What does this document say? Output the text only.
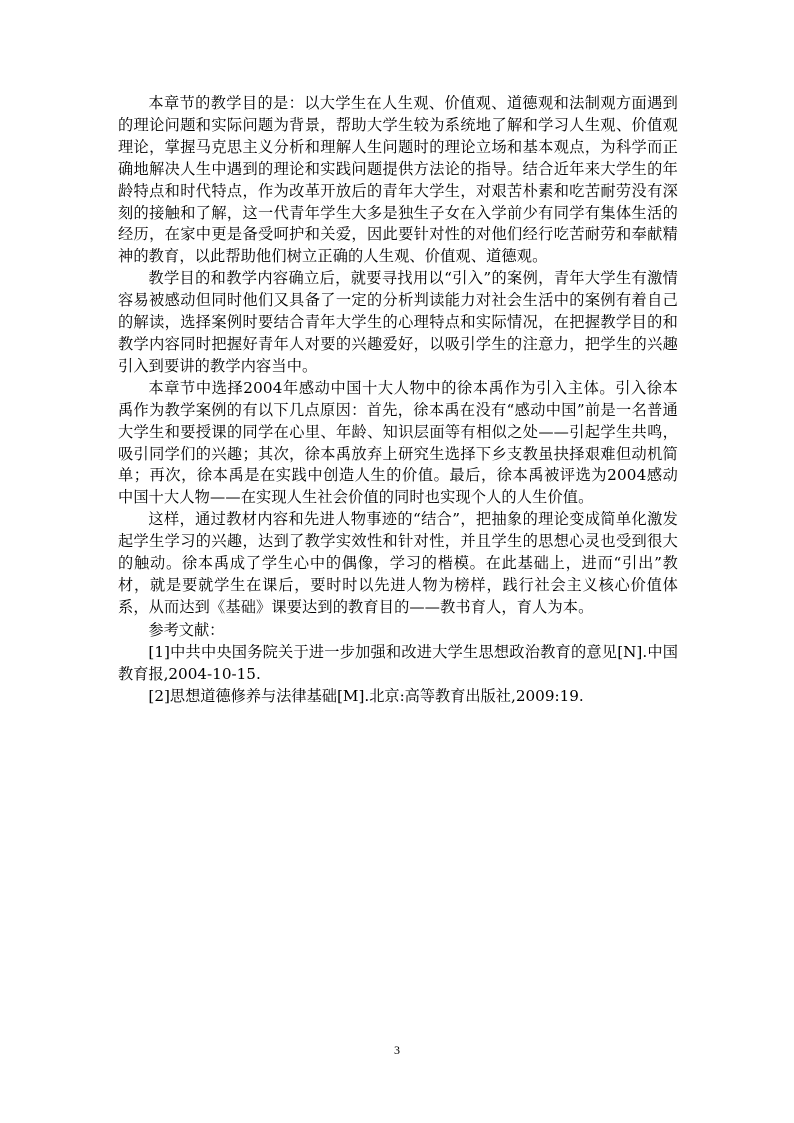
本章节的教学目的是：以大学生在人生观、价值观、道德观和法制观方面遇到的理论问题和实际问题为背景，帮助大学生较为系统地了解和学习人生观、价值观理论，掌握马克思主义分析和理解人生问题时的理论立场和基本观点，为科学而正确地解决人生中遇到的理论和实践问题提供方法论的指导。结合近年来大学生的年龄特点和时代特点，作为改革开放后的青年大学生，对艰苦朴素和吃苦耐劳没有深刻的接触和了解，这一代青年学生大多是独生子女在入学前少有同学有集体生活的经历，在家中更是备受呵护和关爱，因此要针对性的对他们经行吃苦耐劳和奉献精神的教育，以此帮助他们树立正确的人生观、价值观、道德观。

教学目的和教学内容确立后，就要寻找用以“引入”的案例，青年大学生有激情容易被感动但同时他们又具备了一定的分析判读能力对社会生活中的案例有着自己的解读，选择案例时要结合青年大学生的心理特点和实际情况，在把握教学目的和教学内容同时把握好青年人对要的兴趣爱好，以吸引学生的注意力，把学生的兴趣引入到要讲的教学内容当中。

本章节中选择2004年感动中国十大人物中的徐本禹作为引入主体。引入徐本禹作为教学案例的有以下几点原因：首先，徐本禹在没有“感动中国”前是一名普通大学生和要授课的同学在心里、年龄、知识层面等有相似之处——引起学生共鸣，吸引同学们的兴趣；其次，徐本禹放弃上研究生选择下乡支教虽抉择艰难但动机简单；再次，徐本禹是在实践中创造人生的价值。最后，徐本禹被评选为2004感动中国十大人物——在实现人生社会价值的同时也实现个人的人生价值。

这样，通过教材内容和先进人物事迹的“结合”，把抽象的理论变成简单化激发起学生学习的兴趣，达到了教学实效性和针对性，并且学生的思想心灵也受到很大的触动。徐本禹成了学生心中的偶像，学习的楷模。在此基础上，进而“引出”教材，就是要就学生在课后，要时时以先进人物为榜样，践行社会主义核心价值体系，从而达到《基础》课要达到的教育目的——教书育人，育人为本。

参考文献：

[1]中共中央国务院关于进一步加强和改进大学生思想政治教育的意见[N].中国教育报,2004-10-15.

[2]思想道德修养与法律基础[M].北京:高等教育出版社,2009:19.

3
